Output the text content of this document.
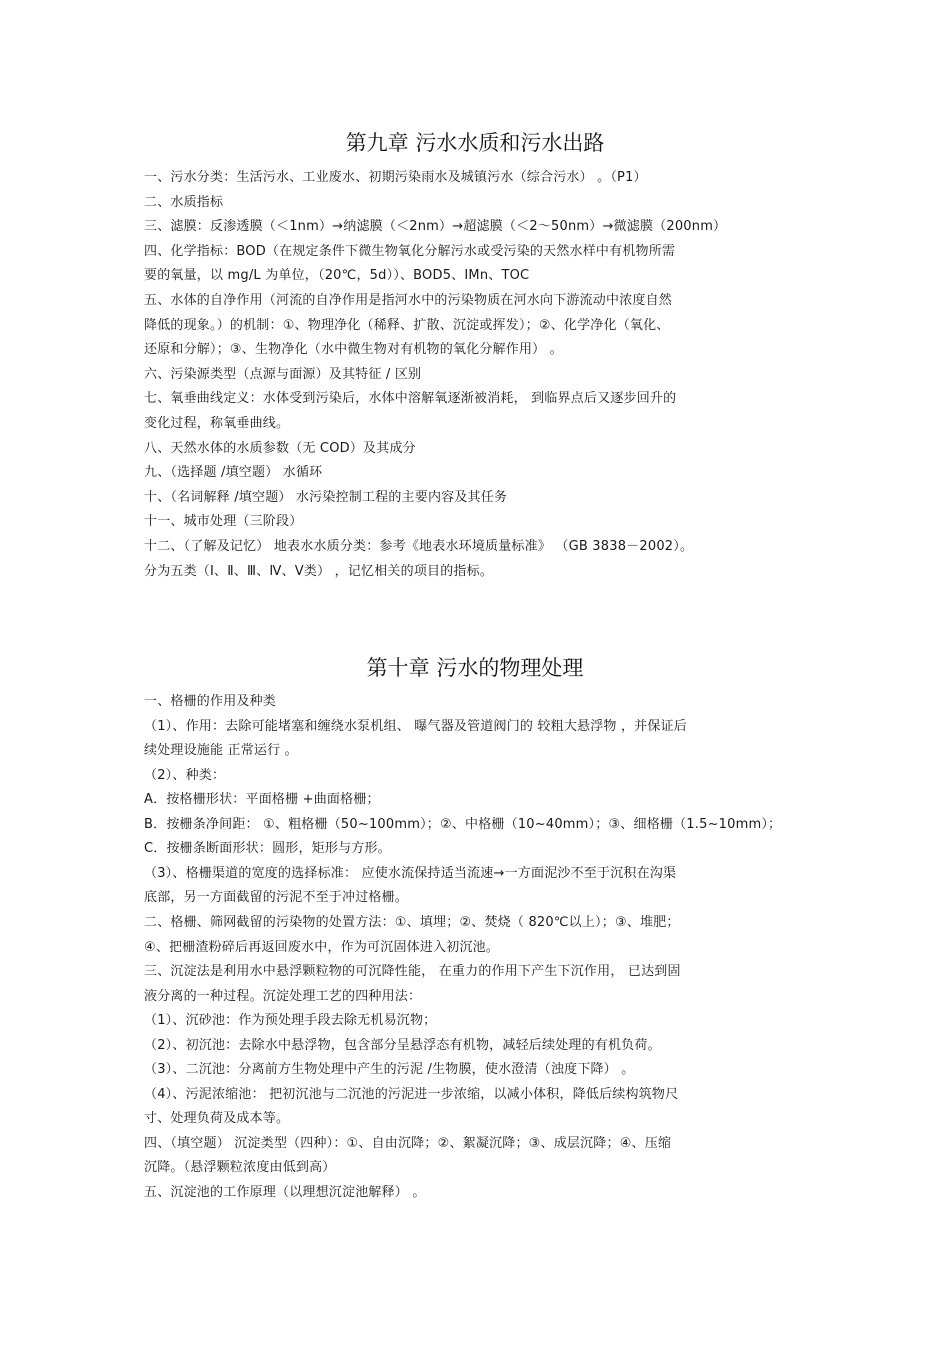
第九章 污水水质和污水出路
一、污水分类：生活污水、工业废水、初期污染雨水及城镇污水（综合污水） 。（P1）
二、水质指标
三、滤膜：反渗透膜（＜1nm）→纳滤膜（＜2nm）→超滤膜（＜2～50nm）→微滤膜（200nm）
四、化学指标：BOD（在规定条件下微生物氧化分解污水或受污染的天然水样中有机物所需
要的氧量，以 mg/L 为单位，（20℃，5d））、BOD5、IMn、TOC
五、水体的自净作用（河流的自净作用是指河水中的污染物质在河水向下游流动中浓度自然
降低的现象。）的机制：①、物理净化（稀释、扩散、沉淀或挥发）；②、化学净化（氧化、
还原和分解）；③、生物净化（水中微生物对有机物的氧化分解作用） 。
六、污染源类型（点源与面源）及其特征 / 区别
七、氧垂曲线定义：水体受到污染后，水体中溶解氧逐渐被消耗， 到临界点后又逐步回升的
变化过程，称氧垂曲线。
八、天然水体的水质参数（无 COD）及其成分
九、（选择题 /填空题） 水循环
十、（名词解释 /填空题） 水污染控制工程的主要内容及其任务
十一、城市处理（三阶段）
十二、（了解及记忆） 地表水水质分类：参考《地表水环境质量标准》 （GB 3838－2002）。
分为五类（Ⅰ、Ⅱ、Ⅲ、Ⅳ、Ⅴ类） ，记忆相关的项目的指标。
第十章 污水的物理处理
一、格栅的作用及种类
（1）、作用：去除可能堵塞和缠绕水泵机组、 曝气器及管道阀门的 较粗大悬浮物 ，并保证后
续处理设施能 正常运行 。
（2）、种类：
A．按格栅形状：平面格栅 +曲面格栅；
B．按栅条净间距： ①、粗格栅（50~100mm）；②、中格栅（10~40mm）；③、细格栅（1.5~10mm）；
C．按栅条断面形状：圆形，矩形与方形。
（3）、格栅渠道的宽度的选择标准： 应使水流保持适当流速→一方面泥沙不至于沉积在沟渠
底部，另一方面截留的污泥不至于冲过格栅。
二、格栅、筛网截留的污染物的处置方法：①、填埋；②、焚烧（ 820℃以上）；③、堆肥；
④、把栅渣粉碎后再返回废水中，作为可沉固体进入初沉池。
三、沉淀法是利用水中悬浮颗粒物的可沉降性能， 在重力的作用下产生下沉作用， 已达到固
液分离的一种过程。沉淀处理工艺的四种用法：
（1）、沉砂池：作为预处理手段去除无机易沉物；
（2）、初沉池：去除水中悬浮物，包含部分呈悬浮态有机物，减轻后续处理的有机负荷。
（3）、二沉池：分离前方生物处理中产生的污泥 /生物膜，使水澄清（浊度下降） 。
（4）、污泥浓缩池： 把初沉池与二沉池的污泥进一步浓缩，以减小体积，降低后续构筑物尺
寸、处理负荷及成本等。
四、（填空题） 沉淀类型（四种）：①、自由沉降；②、絮凝沉降；③、成层沉降；④、压缩
沉降。（悬浮颗粒浓度由低到高）
五、沉淀池的工作原理（以理想沉淀池解释） 。
